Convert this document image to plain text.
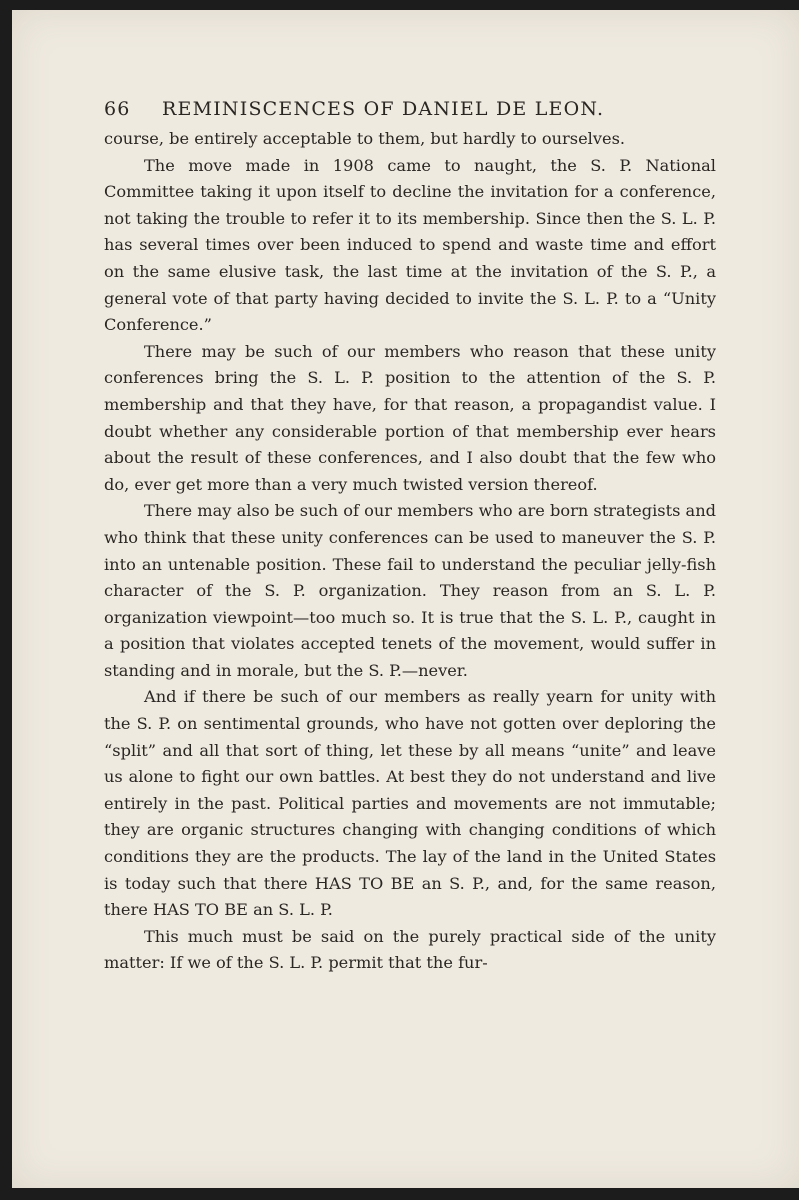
66 REMINISCENCES OF DANIEL DE LEON.

course, be entirely acceptable to them, but hardly to ourselves.

The move made in 1908 came to naught, the S. P. National Committee taking it upon itself to decline the invitation for a conference, not taking the trouble to refer it to its membership. Since then the S. L. P. has several times over been induced to spend and waste time and effort on the same elusive task, the last time at the invitation of the S. P., a general vote of that party having decided to invite the S. L. P. to a “Unity Conference.”

There may be such of our members who reason that these unity conferences bring the S. L. P. position to the attention of the S. P. membership and that they have, for that reason, a propagandist value. I doubt whether any considerable portion of that membership ever hears about the result of these conferences, and I also doubt that the few who do, ever get more than a very much twisted version thereof.

There may also be such of our members who are born strategists and who think that these unity conferences can be used to maneuver the S. P. into an untenable position. These fail to understand the peculiar jelly-fish character of the S. P. organization. They reason from an S. L. P. organization viewpoint—too much so. It is true that the S. L. P., caught in a position that violates accepted tenets of the movement, would suffer in standing and in morale, but the S. P.—never.

And if there be such of our members as really yearn for unity with the S. P. on sentimental grounds, who have not gotten over deploring the “split” and all that sort of thing, let these by all means “unite” and leave us alone to fight our own battles. At best they do not understand and live entirely in the past. Political parties and movements are not immutable; they are organic structures changing with changing conditions of which conditions they are the products. The lay of the land in the United States is today such that there HAS TO BE an S. P., and, for the same reason, there HAS TO BE an S. L. P.

This much must be said on the purely practical side of the unity matter: If we of the S. L. P. permit that the fur-
